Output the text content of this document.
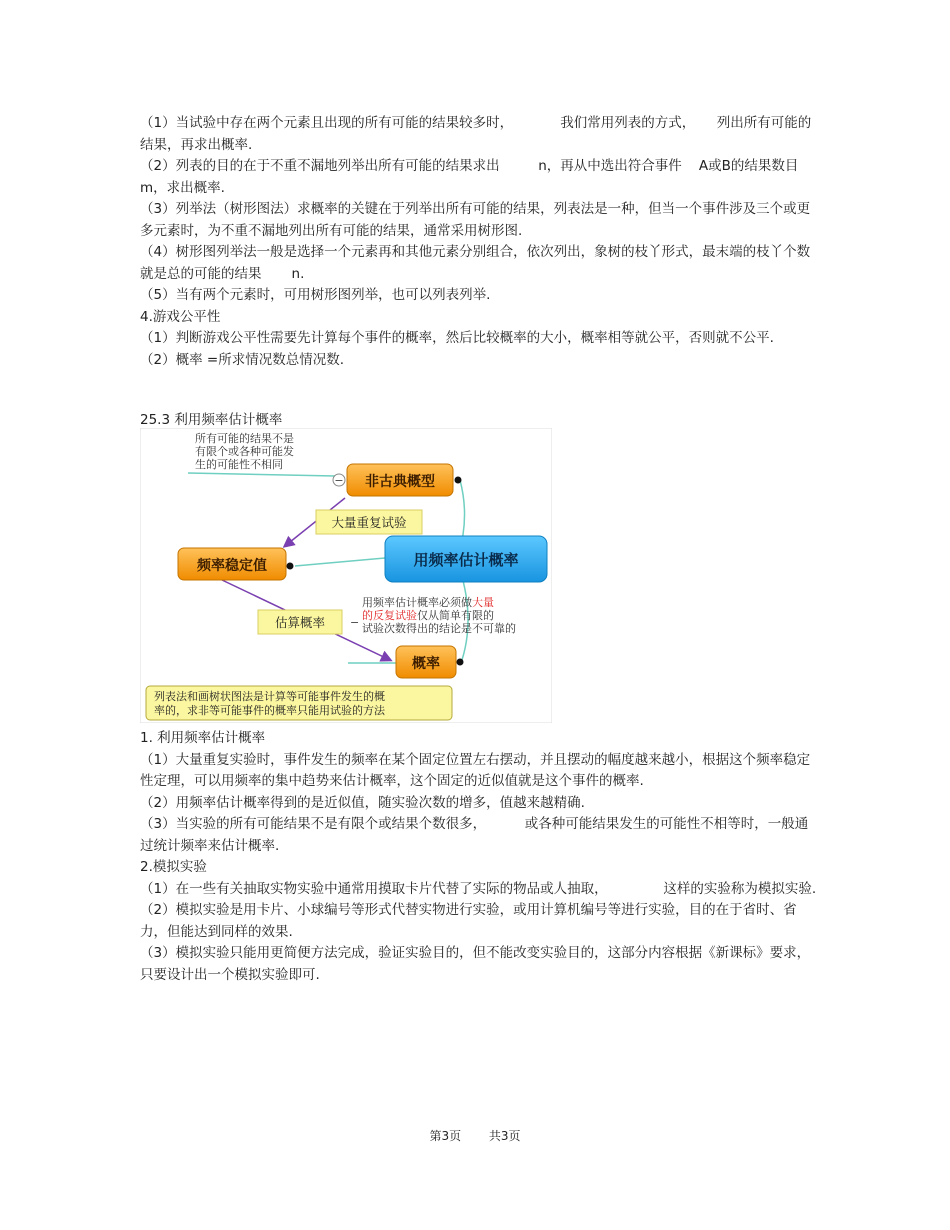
（1）当试验中存在两个元素且出现的所有可能的结果较多时，           我们常用列表的方式，     列出所有可能的结果，再求出概率.

（2）列表的目的在于不重不漏地列举出所有可能的结果求出         n，再从中选出符合事件    A或B的结果数目 m，求出概率.

（3）列举法（树形图法）求概率的关键在于列举出所有可能的结果，列表法是一种，但当一个事件涉及三个或更多元素时，为不重不漏地列出所有可能的结果，通常采用树形图.

（4）树形图列举法一般是选择一个元素再和其他元素分别组合，依次列出，象树的枝丫形式，最末端的枝丫个数就是总的可能的结果       n.

（5）当有两个元素时，可用树形图列举，也可以列表列举.

4.游戏公平性

（1）判断游戏公平性需要先计算每个事件的概率，然后比较概率的大小，概率相等就公平，否则就不公平.

（2）概率 =所求情况数总情况数.

25.3 利用频率估计概率
所有可能的结果不是
有限个或各种可能发
生的可能性不相同
− 非古典概型
大量重复试验
用频率估计概率
频率稳定值
估算概率 −
用频率估计概率必须做大量
的反复试验仅从简单有限的
试验次数得出的结论是不可靠的
概率
列表法和画树状图法是计算等可能事件发生的概
率的，求非等可能事件的概率只能用试验的方法

1. 利用频率估计概率

（1）大量重复实验时，事件发生的频率在某个固定位置左右摆动，并且摆动的幅度越来越小，根据这个频率稳定性定理，可以用频率的集中趋势来估计概率，这个固定的近似值就是这个事件的概率.

（2）用频率估计概率得到的是近似值，随实验次数的增多，值越来越精确.

（3）当实验的所有可能结果不是有限个或结果个数很多，         或各种可能结果发生的可能性不相等时，一般通过统计频率来估计概率.

2.模拟实验

（1）在一些有关抽取实物实验中通常用摸取卡片代替了实际的物品或人抽取，             这样的实验称为模拟实验.

（2）模拟实验是用卡片、小球编号等形式代替实物进行实验，或用计算机编号等进行实验，目的在于省时、省力，但能达到同样的效果.

（3）模拟实验只能用更简便方法完成，验证实验目的，但不能改变实验目的，这部分内容根据《新课标》要求，只要设计出一个模拟实验即可.

第3页 共3页
